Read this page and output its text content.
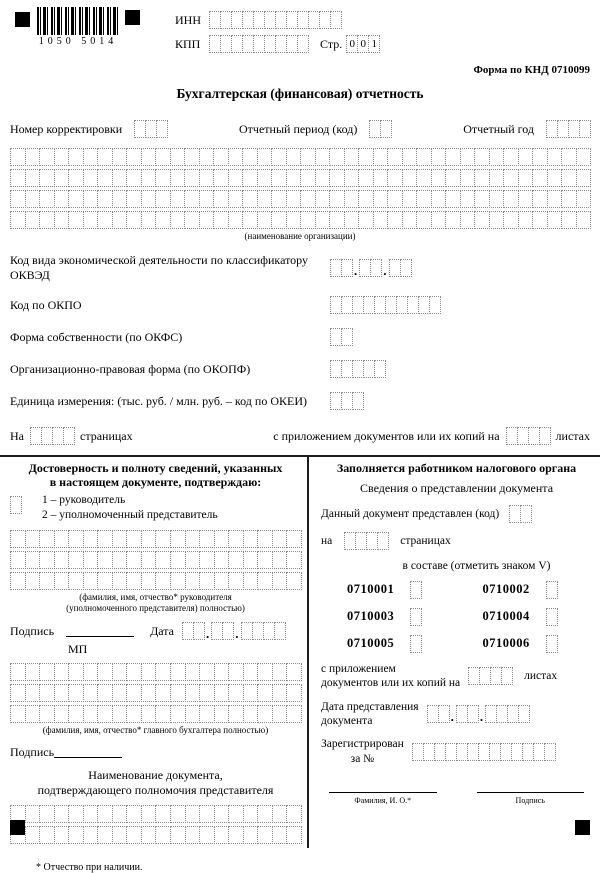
1050 5014
ИНН

КПП

	Стр. 0 0 1
Форма по КНД 0710099
Бухгалтерская (финансовая) отчетность
Номер корректировки

	Отчетный период (код)

	Отчетный год

(наименование организации)
Код вида экономической деятельности по классификатору ОКВЭД

	.

.

Код по ОКПО

Форма собственности (по ОКФС)

Организационно-правовая форма (по ОКОПФ)

Единица измерения: (тыс. руб. / млн. руб. – код по ОКЕИ)

На

	страницах	с приложением документов или их копий на

	листах
Достоверность и полноту сведений, указанных
в настоящем документе, подтверждаю:

1 – руководитель
2 – уполномоченный представитель

(фамилия, имя, отчество* руководителя
(уполномоченного представителя) полностью)
Подпись	Дата

.

.

МП

(фамилия, имя, отчество* главного бухгалтера полностью)
Подпись
Наименование документа,
подтверждающего полномочия представителя

Заполняется работником налогового органа
Сведения о представлении документа
Данный документ представлен (код)

на

	страницах
в составе (отметить знаком V)
0710001
	0710002

0710003
	0710004

0710005
	0710006

с приложением
документов или их копий на

листах
Дата представления
документа

	.

.

Зарегистрирован
за №

Фамилия, И. О.*	Подпись
* Отчество при наличии.
